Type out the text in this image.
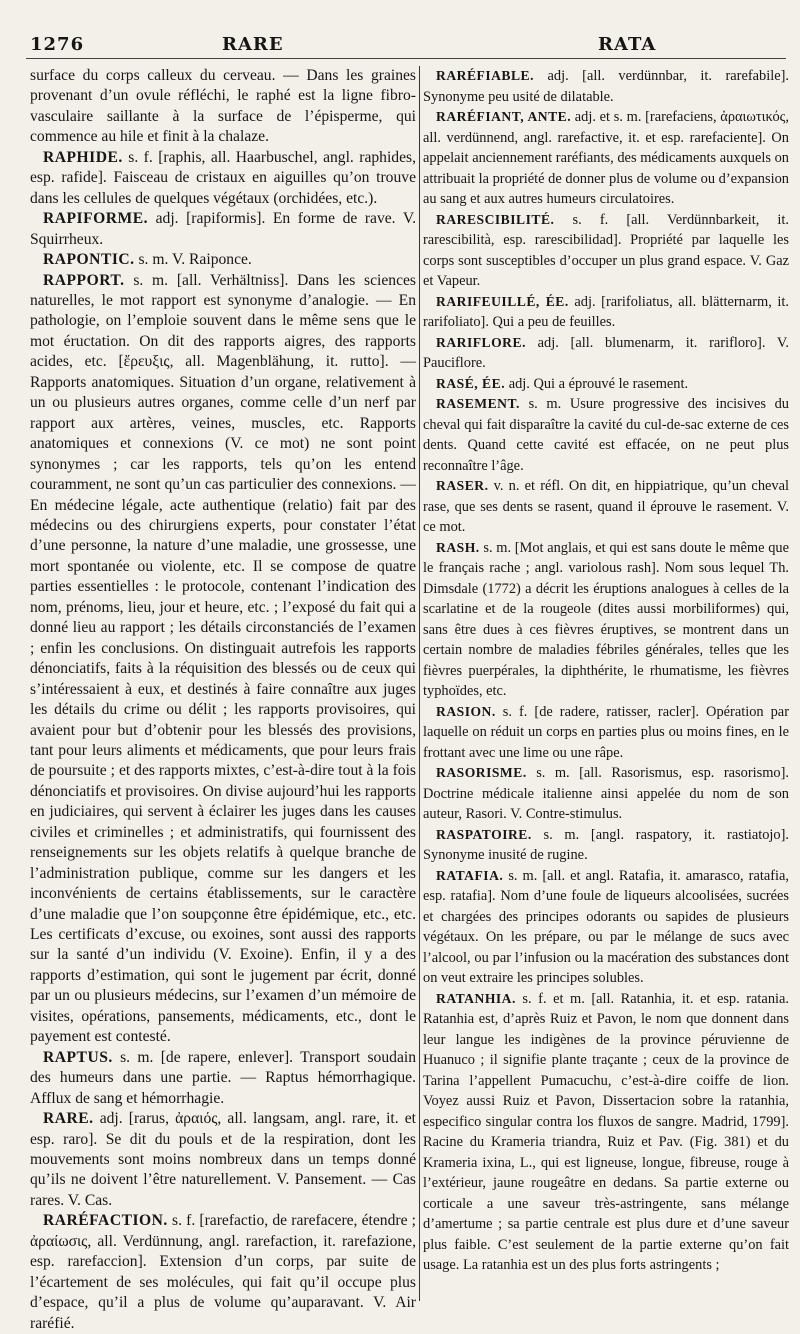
1276	RARE	RATA

surface du corps calleux du cerveau. — Dans les graines provenant d’un ovule réfléchi, le raphé est la ligne fibro-vasculaire saillante à la surface de l’épisperme, qui commence au hile et finit à la chalaze.

RAPHIDE. s. f. [raphis, all. Haarbuschel, angl. raphides, esp. rafide]. Faisceau de cristaux en aiguilles qu’on trouve dans les cellules de quelques végétaux (orchidées, etc.).

RAPIFORME. adj. [rapiformis]. En forme de rave. V. Squirrheux.

RAPONTIC. s. m. V. Raiponce.

RAPPORT. s. m. [all. Verhältniss]. Dans les sciences naturelles, le mot rapport est synonyme d’analogie. — En pathologie, on l’emploie souvent dans le même sens que le mot éructation. On dit des rapports aigres, des rapports acides, etc. [ἔρευξις, all. Magenblähung, it. rutto]. — Rapports anatomiques. Situation d’un organe, relativement à un ou plusieurs autres organes, comme celle d’un nerf par rapport aux artères, veines, muscles, etc. Rapports anatomiques et connexions (V. ce mot) ne sont point synonymes ; car les rapports, tels qu’on les entend couramment, ne sont qu’un cas particulier des connexions. — En médecine légale, acte authentique (relatio) fait par des médecins ou des chirurgiens experts, pour constater l’état d’une personne, la nature d’une maladie, une grossesse, une mort spontanée ou violente, etc. Il se compose de quatre parties essentielles : le protocole, contenant l’indication des nom, prénoms, lieu, jour et heure, etc. ; l’exposé du fait qui a donné lieu au rapport ; les détails circonstanciés de l’examen ; enfin les conclusions. On distinguait autrefois les rapports dénonciatifs, faits à la réquisition des blessés ou de ceux qui s’intéressaient à eux, et destinés à faire connaître aux juges les détails du crime ou délit ; les rapports provisoires, qui avaient pour but d’obtenir pour les blessés des provisions, tant pour leurs aliments et médicaments, que pour leurs frais de poursuite ; et des rapports mixtes, c’est-à-dire tout à la fois dénonciatifs et provisoires. On divise aujourd’hui les rapports en judiciaires, qui servent à éclairer les juges dans les causes civiles et criminelles ; et administratifs, qui fournissent des renseignements sur les objets relatifs à quelque branche de l’administration publique, comme sur les dangers et les inconvénients de certains établissements, sur le caractère d’une maladie que l’on soupçonne être épidémique, etc., etc. Les certificats d’excuse, ou exoines, sont aussi des rapports sur la santé d’un individu (V. Exoine). Enfin, il y a des rapports d’estimation, qui sont le jugement par écrit, donné par un ou plusieurs médecins, sur l’examen d’un mémoire de visites, opérations, pansements, médicaments, etc., dont le payement est contesté.

RAPTUS. s. m. [de rapere, enlever]. Transport soudain des humeurs dans une partie. — Raptus hémorrhagique. Afflux de sang et hémorrhagie.

RARE. adj. [rarus, ἀραιός, all. langsam, angl. rare, it. et esp. raro]. Se dit du pouls et de la respiration, dont les mouvements sont moins nombreux dans un temps donné qu’ils ne doivent l’être naturellement. V. Pansement. — Cas rares. V. Cas.

RARÉFACTION. s. f. [rarefactio, de rarefacere, étendre ; ἀραίωσις, all. Verdünnung, angl. rarefaction, it. rarefazione, esp. rarefaccion]. Extension d’un corps, par suite de l’écartement de ses molécules, qui fait qu’il occupe plus d’espace, qu’il a plus de volume qu’auparavant. V. Air raréfié.

RARÉFIABLE. adj. [all. verdünnbar, it. rarefabile]. Synonyme peu usité de dilatable.

RARÉFIANT, ANTE. adj. et s. m. [rarefaciens, ἀραιωτικός, all. verdünnend, angl. rarefactive, it. et esp. rarefaciente]. On appelait anciennement raréfiants, des médicaments auxquels on attribuait la propriété de donner plus de volume ou d’expansion au sang et aux autres humeurs circulatoires.

RARESCIBILITÉ. s. f. [all. Verdünnbarkeit, it. rarescibilità, esp. rarescibilidad]. Propriété par laquelle les corps sont susceptibles d’occuper un plus grand espace. V. Gaz et Vapeur.

RARIFEUILLÉ, ÉE. adj. [rarifoliatus, all. blätternarm, it. rarifoliato]. Qui a peu de feuilles.

RARIFLORE. adj. [all. blumenarm, it. rarifloro]. V. Pauciflore.

RASÉ, ÉE. adj. Qui a éprouvé le rasement.

RASEMENT. s. m. Usure progressive des incisives du cheval qui fait disparaître la cavité du cul-de-sac externe de ces dents. Quand cette cavité est effacée, on ne peut plus reconnaître l’âge.

RASER. v. n. et réfl. On dit, en hippiatrique, qu’un cheval rase, que ses dents se rasent, quand il éprouve le rasement. V. ce mot.

RASH. s. m. [Mot anglais, et qui est sans doute le même que le français rache ; angl. variolous rash]. Nom sous lequel Th. Dimsdale (1772) a décrit les éruptions analogues à celles de la scarlatine et de la rougeole (dites aussi morbiliformes) qui, sans être dues à ces fièvres éruptives, se montrent dans un certain nombre de maladies fébriles générales, telles que les fièvres puerpérales, la diphthérite, le rhumatisme, les fièvres typhoïdes, etc.

RASION. s. f. [de radere, ratisser, racler]. Opération par laquelle on réduit un corps en parties plus ou moins fines, en le frottant avec une lime ou une râpe.

RASORISME. s. m. [all. Rasorismus, esp. rasorismo]. Doctrine médicale italienne ainsi appelée du nom de son auteur, Rasori. V. Contre-stimulus.

RASPATOIRE. s. m. [angl. raspatory, it. rastiatojo]. Synonyme inusité de rugine.

RATAFIA. s. m. [all. et angl. Ratafia, it. amarasco, ratafia, esp. ratafia]. Nom d’une foule de liqueurs alcoolisées, sucrées et chargées des principes odorants ou sapides de plusieurs végétaux. On les prépare, ou par le mélange de sucs avec l’alcool, ou par l’infusion ou la macération des substances dont on veut extraire les principes solubles.

RATANHIA. s. f. et m. [all. Ratanhia, it. et esp. ratania. Ratanhia est, d’après Ruiz et Pavon, le nom que donnent dans leur langue les indigènes de la province péruvienne de Huanuco ; il signifie plante traçante ; ceux de la province de Tarina l’appellent Pumacuchu, c’est-à-dire coiffe de lion. Voyez aussi Ruiz et Pavon, Dissertacion sobre la ratanhia, especifico singular contra los fluxos de sangre. Madrid, 1799]. Racine du Krameria triandra, Ruiz et Pav. (Fig. 381) et du Krameria ixina, L., qui est ligneuse, longue, fibreuse, rouge à l’extérieur, jaune rougeâtre en dedans. Sa partie externe ou corticale a une saveur très-astringente, sans mélange d’amertume ; sa partie centrale est plus dure et d’une saveur plus faible. C’est seulement de la partie externe qu’on fait usage. La ratanhia est un des plus forts astringents ;
